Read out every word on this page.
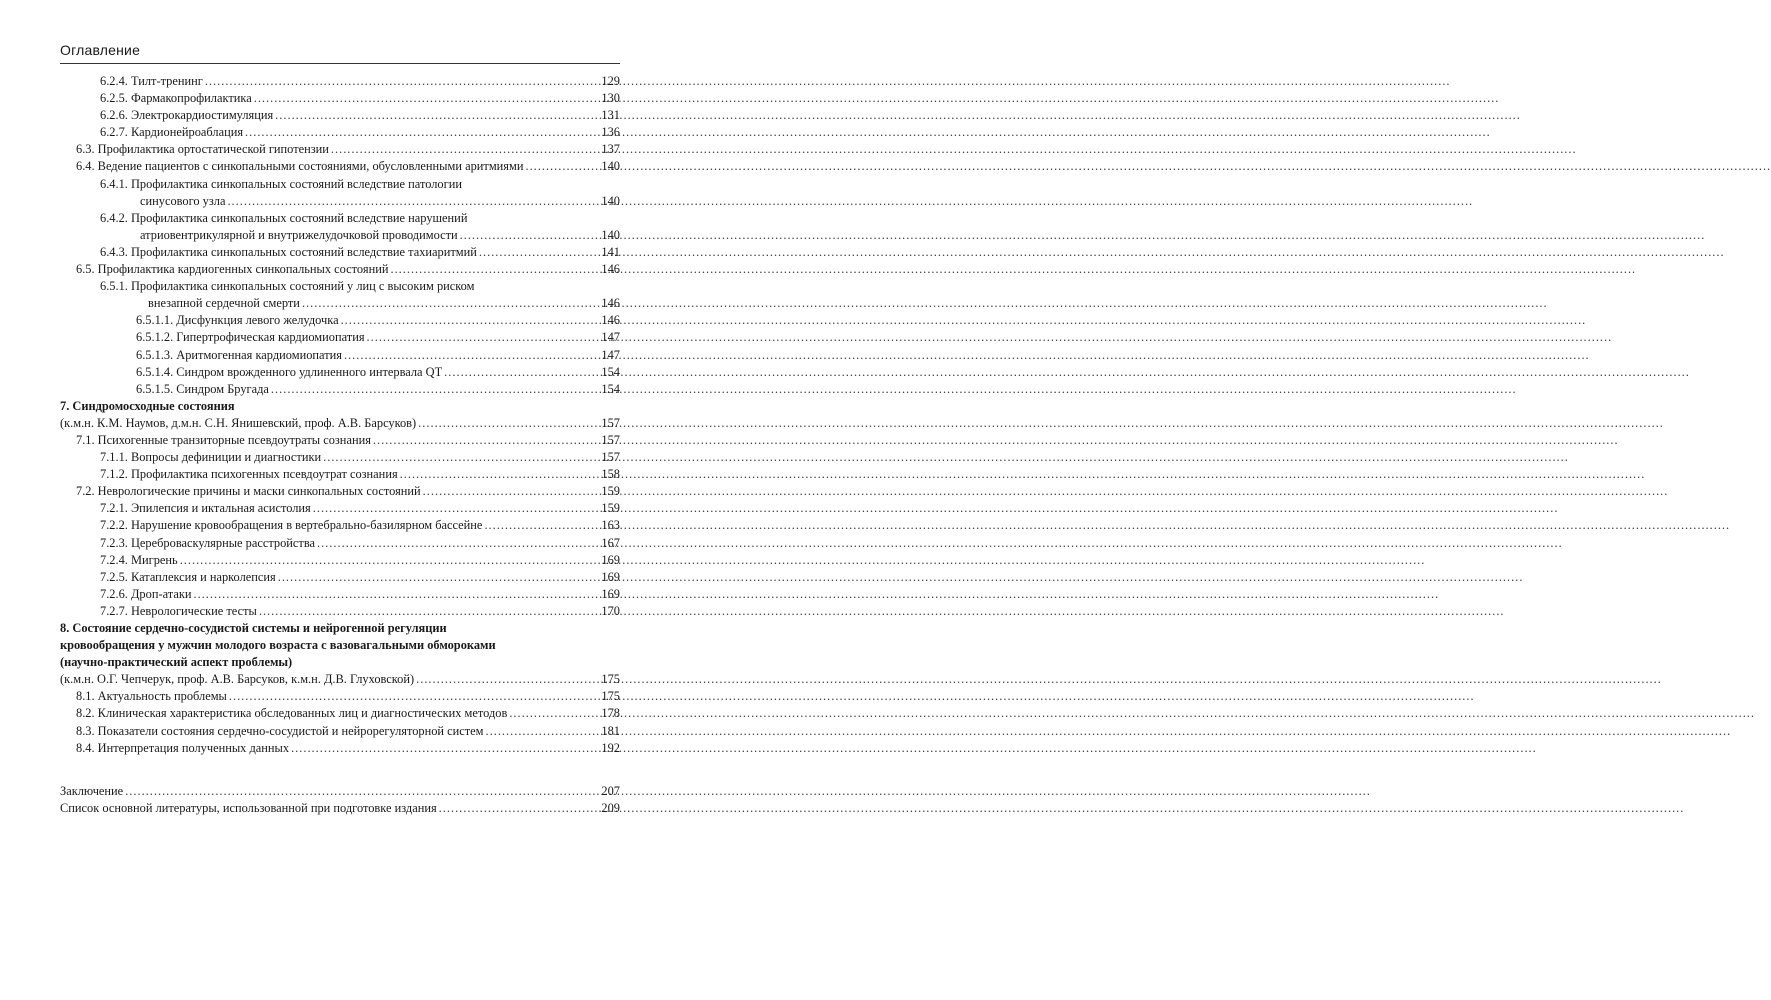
Оглавление
6.2.4. Тилт-тренинг .....	129
6.2.5. Фармакопрофилактика .....	130
6.2.6. Электрокардиостимуляция .....	131
6.2.7. Кардионейроаблация .....	136
6.3. Профилактика ортостатической гипотензии .....	137
6.4. Ведение пациентов с синкопальными состояниями, обусловленными аритмиями .....	140
6.4.1. Профилактика синкопальных состояний вследствие патологии
синусового узла .....	140
6.4.2. Профилактика синкопальных состояний вследствие нарушений
атриовентрикулярной и внутрижелудочковой проводимости .....	140
6.4.3. Профилактика синкопальных состояний вследствие тахиаритмий .....	141
6.5. Профилактика кардиогенных синкопальных состояний .....	146
6.5.1. Профилактика синкопальных состояний у лиц с высоким риском
внезапной сердечной смерти .....	146
6.5.1.1. Дисфункция левого желудочка .....	146
6.5.1.2. Гипертрофическая кардиомиопатия .....	147
6.5.1.3. Аритмогенная кардиомиопатия .....	147
6.5.1.4. Синдром врожденного удлиненного интервала QT .....	154
6.5.1.5. Синдром Бругада .....	154
7. Синдромосходные состояния
(к.м.н. К.М. Наумов, д.м.н. С.Н. Янишевский, проф. А.В. Барсуков) .....	157
7.1. Психогенные транзиторные псевдоутраты сознания .....	157
7.1.1. Вопросы дефиниции и диагностики .....	157
7.1.2. Профилактика психогенных псевдоутрат сознания .....	158
7.2. Неврологические причины и маски синкопальных состояний .....	159
7.2.1. Эпилепсия и иктальная асистолия .....	159
7.2.2. Нарушение кровообращения в вертебрально-базилярном бассейне .....	163
7.2.3. Цереброваскулярные расстройства .....	167
7.2.4. Мигрень .....	169
7.2.5. Катаплексия и нарколепсия .....	169
7.2.6. Дроп-атаки .....	169
7.2.7. Неврологические тесты .....	170
8. Состояние сердечно-сосудистой системы и нейрогенной регуляции
кровообращения у мужчин молодого возраста с вазовагальными обмороками
(научно-практический аспект проблемы)
(к.м.н. О.Г. Чепчерук, проф. А.В. Барсуков, к.м.н. Д.В. Глуховской) .....	175
8.1. Актуальность проблемы .....	175
8.2. Клиническая характеристика обследованных лиц и диагностических методов .....	178
8.3. Показатели состояния сердечно-сосудистой и нейрорегуляторной систем .....	181
8.4. Интерпретация полученных данных .....	192
Заключение .....	207
Список основной литературы, использованной при подготовке издания .....	209
